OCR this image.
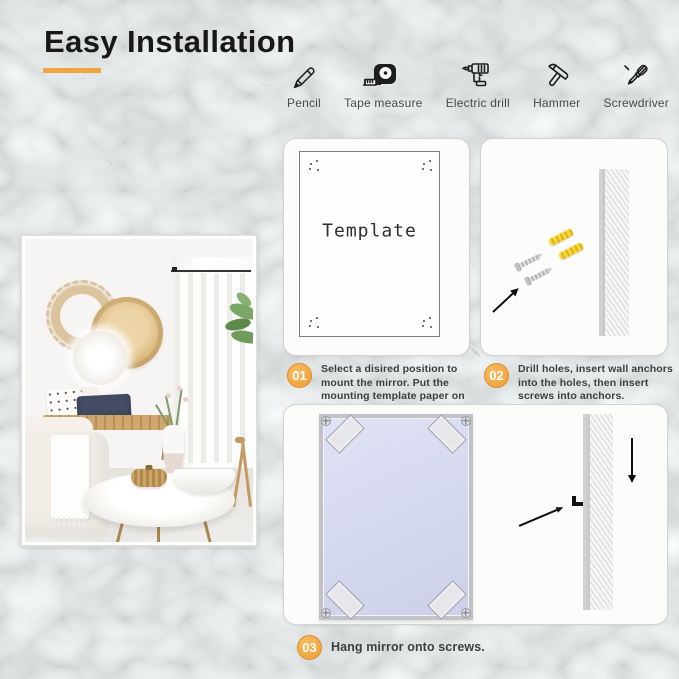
Easy Installation
Pencil Tape measure Electric drill Hammer Screwdriver
Template
01	Select a disired position to mount the mirror. Put the mounting template paper on
02	Drill holes, insert wall anchors into the holes, then insert screws into anchors.
03	Hang mirror onto screws.
